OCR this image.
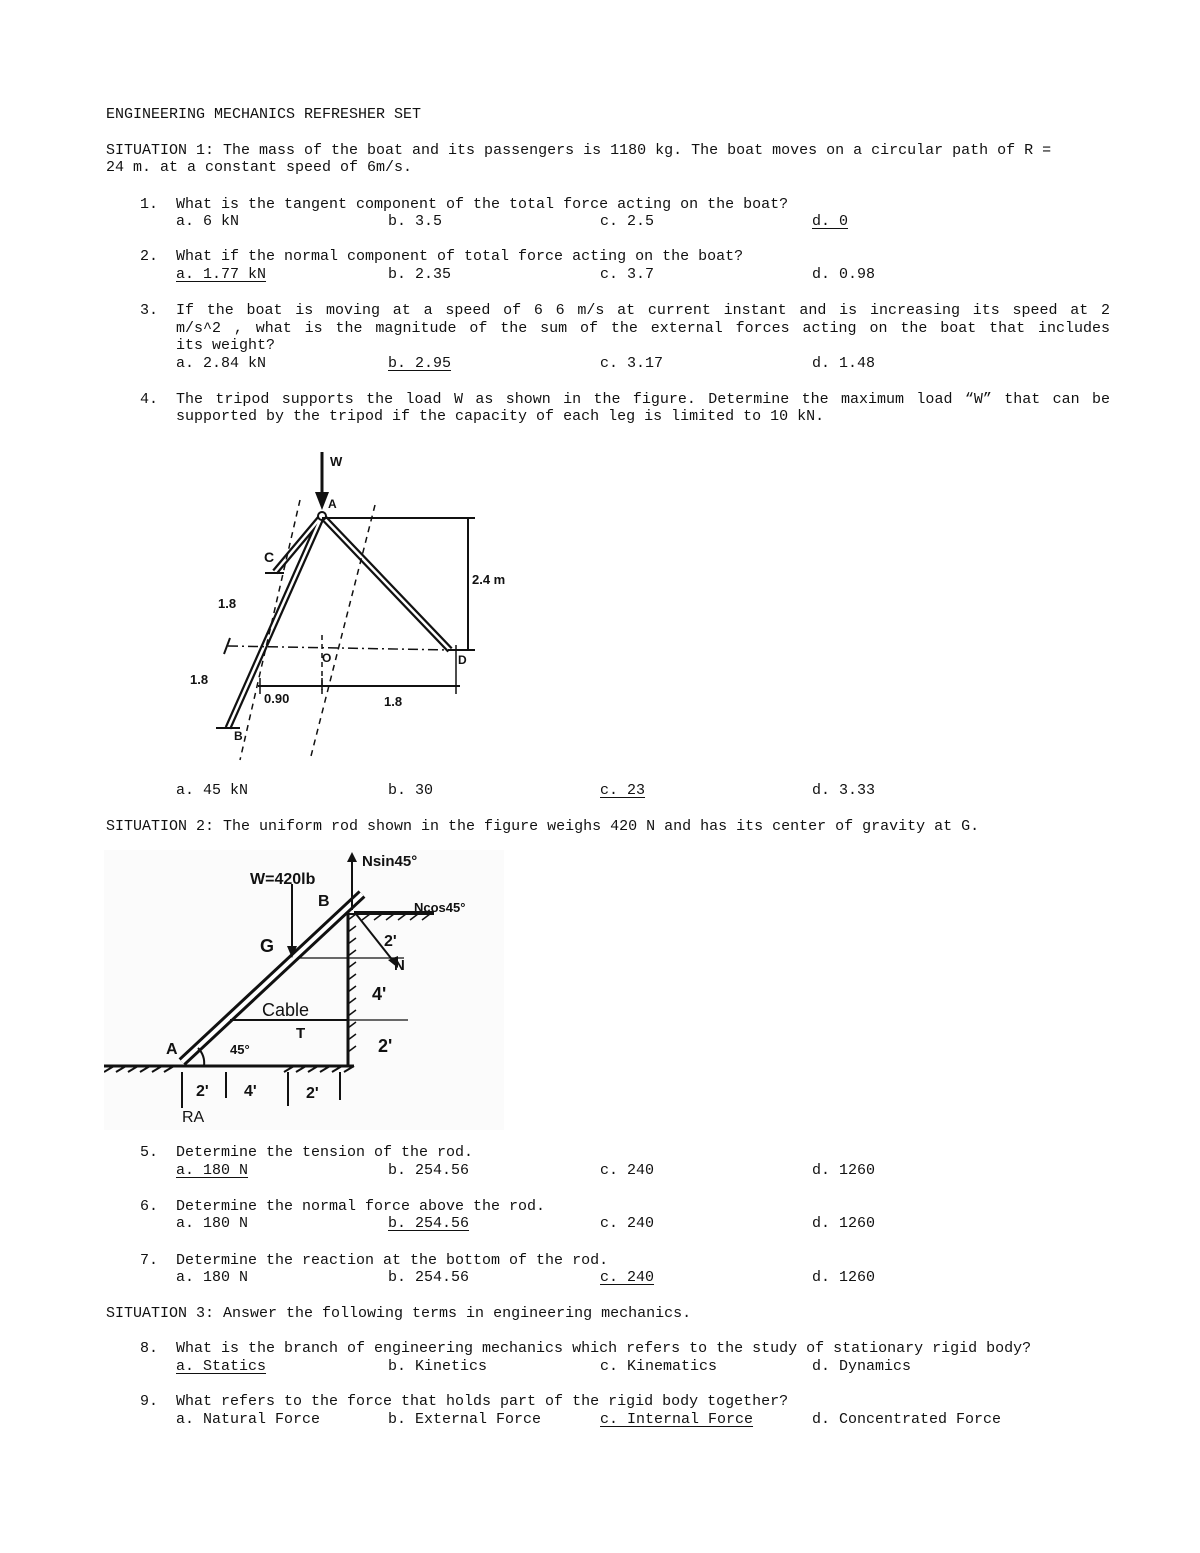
ENGINEERING MECHANICS REFRESHER SET
SITUATION 1: The mass of the boat and its passengers is 1180 kg. The boat moves on a circular path of R =
24 m. at a constant speed of 6m/s.
1. What is the tangent component of the total force acting on the boat?
a. 6 kN	b. 3.5	c. 2.5	d. 0
2. What if the normal component of total force acting on the boat?
a. 1.77 kN	b. 2.35	c. 3.7	d. 0.98
3. If the boat is moving at a speed of 6 6 m/s at current instant and is increasing its speed at 2
m/s^2 , what is the magnitude of the sum of the external forces acting on the boat that includes
its weight?
a. 2.84 kN	b. 2.95	c. 3.17	d. 1.48
4. The tripod supports the load W as shown in the figure. Determine the maximum load “W” that can be
supported by the tripod if the capacity of each leg is limited to 10 kN.
W
A
C
D
O
B
2.4 m
1.8
1.8
0.90	1.8
a. 45 kN	b. 30	c. 23	d. 3.33
SITUATION 2: The uniform rod shown in the figure weighs 420 N and has its center of gravity at G.
W=420lb
Nsin45°
Ncos45°
B
G
N
Cable
T
45°
A
RA
2' 4'	2'
2'
4'
2'
5. Determine the tension of the rod.
a. 180 N	b. 254.56	c. 240	d. 1260
6. Determine the normal force above the rod.
a. 180 N	b. 254.56	c. 240	d. 1260
7. Determine the reaction at the bottom of the rod.
a. 180 N	b. 254.56	c. 240	d. 1260
SITUATION 3: Answer the following terms in engineering mechanics.
8. What is the branch of engineering mechanics which refers to the study of stationary rigid body?
a. Statics	b. Kinetics	c. Kinematics	d. Dynamics
9. What refers to the force that holds part of the rigid body together?
a. Natural Force	b. External Force	c. Internal Force	d. Concentrated Force
